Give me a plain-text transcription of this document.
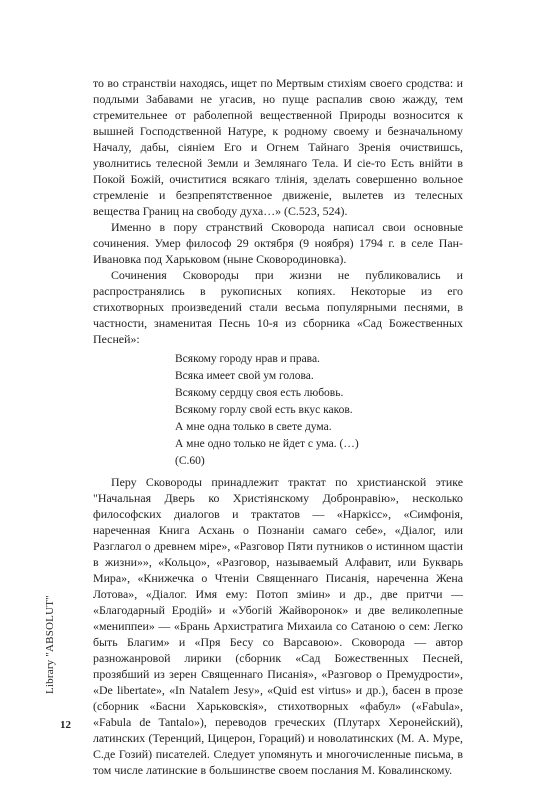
то во странствіи находясь, ищет по Мертвым стихіям своего сродства: и подлыми Забавами не угасив, но пуще распалив свою жажду, тем стремительнее от раболепной вещественной Природы возносится к вышней Господственной Натуре, к родному своему и безначальному Началу, дабы, сіяніем Его и Огнем Тайнаго Зренія очиствишсь, уволнитись телесной Земли и Землянаго Тела. И сіе-то Есть внійти в Покой Божій, очиститися всякаго тлінія, зделать совершенно вольное стремленіе и безпрепятственное движеніе, вылетев из телесных вещества Границ на свободу духа…» (С.523, 524).

Именно в пору странствий Сковорода написал свои основные сочинения. Умер философ 29 октября (9 ноября) 1794 г. в селе Пан-Ивановка под Харьковом (ныне Сковородиновка).

Сочинения Сковороды при жизни не публиковались и распространялись в рукописных копиях. Некоторые из его стихотворных произведений стали весьма популярными песнями, в частности, знаменитая Песнь 10-я из сборника «Сад Божественных Песней»:

Всякому городу нрав и права.
Всяка имеет свой ум голова.
Всякому сердцу своя есть любовь.
Всякому горлу свой есть вкус каков.
А мне одна только в свете дума.
А мне одно только не йдет с ума. (…)
(С.60)

Перу Сковороды принадлежит трактат по христианской этике "Начальная Дверь ко Христіянскому Добронравію», несколько философских диалогов и трактатов — «Наркісс», «Симфонія, нареченная Книга Асхань о Познаніи самаго себе», «Діалог, или Разглагол о древнем міре», «Разговор Пяти путников о истинном щастіи в жизни»», «Кольцо», «Разговор, называемый Алфавит, или Букварь Мира», «Книжечка о Чтеніи Священнаго Писанія, нареченна Жена Лотова», «Діалог. Имя ему: Потоп зміин» и др., две притчи — «Благодарный Еродій» и «Убогій Жайворонок» и две великолепные «мениппеи» — «Брань Архистратига Михаила со Сатаною о сем: Легко быть Благим» и «Пря Бесу со Варсавою». Сковорода — автор разножанровой лирики (сборник «Сад Божественных Песней, прозябший из зерен Священнаго Писанія», «Разговор о Премудрости», «De libertate», «In Natalem Jesy», «Quid est virtus» и др.), басен в прозе (сборник «Басни Харьковскія», стихотворных «фабул» («Fabula», «Fabula de Tantalo»), переводов греческих (Плутарх Херонейский), латинских (Теренций, Цицерон, Гораций) и новолатинских (М. А. Муре, С.де Гозий) писателей. Следует упомянуть и многочисленные письма, в том числе латинские в большинстве своем послания М. Ковалинскому.

12
Library "ABSOLUT"
